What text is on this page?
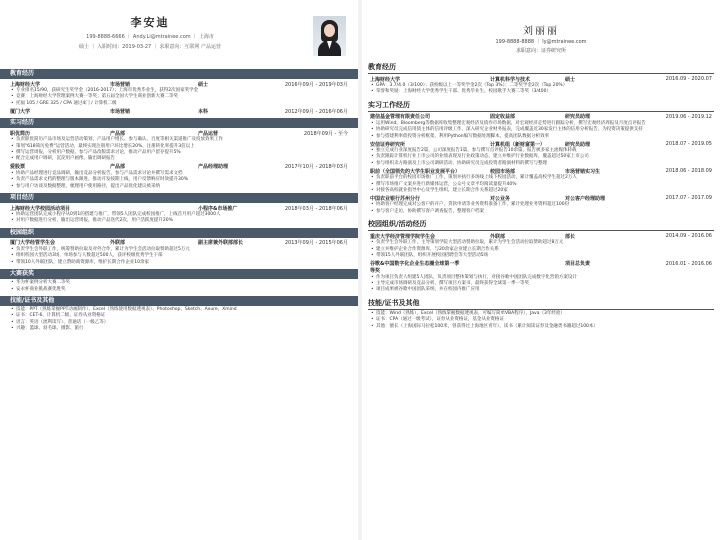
李安迪
199-8888-6666 ｜ Andy.Li@mtrainee.com ｜ 上海市
硕士 ｜ 入职时间：2019-03-27 ｜ 求职意向：互联网 产品运营
教育经历
上海财经大学	市场营销	硕士	2016年09月 - 2019年03月
• 专业排名15/90，获研究生奖学金（2016-2017）；上海市优秀毕业生，获得2次国家奖学金
• 竞赛：上海财经大学管理案例大赛一等奖；第五届全国大学生商业创新大赛二等奖
• 托福 105 / GRE 325 / CPA 通过4门 / 计算机二级
厦门大学	市场营销	本科	2012年09月 - 2016年06月
实习经历
职优简历	产品部	产品运营	2018年09月 - 至今
• 负责职优简历产品市场及运营活动策划，产品用户增长、参与确认、百度等相关渠道推广及投放效果工作
• 策划"618简历免费"运营活动，最终实现注册用户环比增长20%，注册转化率提升3倍以上
• 撰写运营周报，分析用户数据，参与产品改版需求讨论，推动产品用户留存提升5%
• 配合完成用户调研，沉淀用户画像，输出调研报告
爱股票	产品部	产品经理助理	2017年10月 - 2018年03月
• 协助产品经理进行竞品调研，输出竞品分析报告，参与产品需求讨论并撰写需求文档
• 负责产品需求文档的整理与版本跟进，推动开发按期上线，用户反馈响应时效提升30%
• 参与用户访谈及数据整理，梳理用户使用路径，提出产品优化建议被采纳
项目经历
上海财经大学校园活动项目	小程序&市场推广	2018年03月 - 2018年06月
• 协助运营团队完成小程序从0到1的搭建与推广，带领5人团队完成校园推广，上线首月用户超过3000人
• 对用户数据进行分析，输出运营周报，推动产品迭代2次，用户活跃度提升20%
校园组织
厦门大学经管学生会	外联部	副主席兼外联部部长	2013年09月 - 2015年06月
• 负责学生会外联工作，统筹赞助拉取及对外合作，累计为学生会活动拉取赞助超过5万元
• 组织校园大型活动3场，单场参与人数超过500人，获评校级优秀学生干部
• 带领10人外联团队，建立赞助商资源库，维护长期合作企业10余家
大赛获奖
• 华为杯案例分析大赛二等奖
• 安永杯商业挑战赛优胜奖
技能/证书及其他
• 技能：PPT（熟练掌握PPT动画制作）、Excel（熟练使用数据透视表）、Photoshop、Sketch、Axure、Xmind
• 证书：CET-6、计算机二级、证券从业资格证
• 语言：英语（流利读写）、普通话（一级乙等）
• 兴趣：篮球、羽毛球、摄影、旅行
刘丽丽
199-8888-8888 ｜ ly@mtrainee.com
求职意向：证券研究所
教育经历
上海财经大学	计算机科学与技术	硕士	2016.09 - 2020.07
• GPA：3.7/4.0（3/100）；获校级以上一等奖学金2次（Top 3%）；二等奖学金2次（Top 20%）
• 荣誉和奖励：上海财经大学优秀学生干部、优秀毕业生、校园歌手大赛二等奖（3/400）
实习工作经历
建信基金管理有限责任公司	固定收益部	研究员助理	2019.06 - 2019.12
• 运用Wind、Bloomberg等数据库收集整理宏观经济及债券市场数据，对宏观经济走势进行跟踪分析，撰写宏观经济周报及月度点评报告
• 协助研究员完成信用债主体的信用评级工作，深入研究企业财务报表，完成覆盖近30家发行主体的信用分析报告，为投资决策提供支持
• 参与搭建利率债投资分析框架，利用Python编写数据处理脚本，提高团队数据分析效率
安信证券研究所	计算机组（新财富第一）	研究员助理	2018.07 - 2019.05
• 独立完成行业深度报告2篇，公司深度报告1篇，参与撰写点评报告10余篇，报告被多家主流媒体转载
• 负责跟踪计算机行业上市公司的业绩表现及行业政策动态，建立并维护行业数据库，覆盖超过50家上市公司
• 参与组织卖方路演及上市公司调研活动，协助研究员完成投资者路演材料的撰写与整理
职前（全国领先的大学生职业发展平台）	校园市场部	市场营销实习生	2018.06 - 2018.09
• 负责职前平台的校园市场推广工作，策划并执行多场线上线下校园活动，累计覆盖高校学生超过2万人
• 撰写市场推广文案并进行新媒体运营，公众号文章平均阅读量提升40%
• 对接各高校就业指导中心及学生组织，建立长期合作关系超过20家
中国农业银行苏州分行	对公业务	对公客户经理助理	2017.07 - 2017.09
• 协助客户经理完成对公客户的开户、贷款申请等业务资料准备工作，累计处理业务资料超过100份
• 参与客户走访，协助撰写客户调查报告，整理客户档案
校园组织/活动经历
重庆大学经济管理学院学生会	外联部	部长	2014.09 - 2016.06
• 负责学生会外联工作，主导策划学院大型活动赞助拉取，累计为学生会活动拉取赞助超过8万元
• 建立并维护企业合作资源库，与20余家企业建立长期合作关系
• 带领15人外联团队，组织开展校园招聘会等大型活动5场
谷歌&中国数字化企业生态圈全球第一季	项目总负责	2016.01 - 2016.06
等奖
• 作为项目负责人组建5人团队，负责项目整体策划与执行，对接谷歌中国团队完成数字化营销方案设计
• 主导完成市场调研及竞品分析，撰写项目方案书，最终获得全球第一季一等奖
• 项目成果被谷歌中国团队采纳，并在校园内推广应用
技能/证书及其他
• 技能：Wind（熟练），Excel（熟练掌握数据透视表，可编写简单VBA程序），Java（3年经验）
• 证书：CPA（通过一级考试），证券从业资格证，基金从业资格证
• 其他：擅长（上海国际马拉松100米，曾获得过上海地区青年），读书（累计阅读证券及金融类书籍超过100本）
